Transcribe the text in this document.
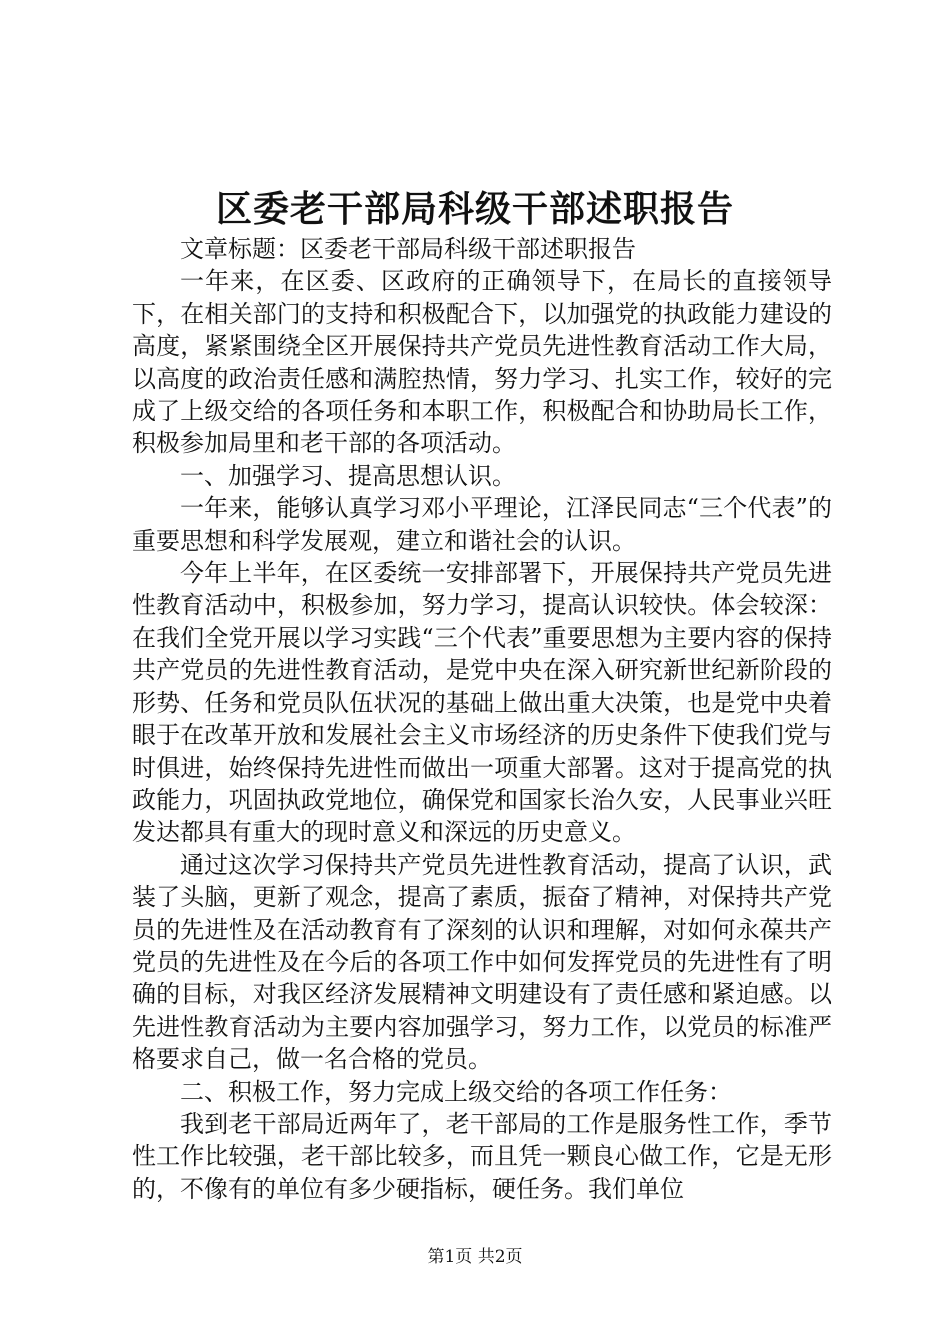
区委老干部局科级干部述职报告

文章标题：区委老干部局科级干部述职报告

一年来，在区委、区政府的正确领导下，在局长的直接领导下，在相关部门的支持和积极配合下，以加强党的执政能力建设的高度，紧紧围绕全区开展保持共产党员先进性教育活动工作大局，以高度的政治责任感和满腔热情，努力学习、扎实工作，较好的完成了上级交给的各项任务和本职工作，积极配合和协助局长工作，积极参加局里和老干部的各项活动。

一、加强学习、提高思想认识。

一年来，能够认真学习邓小平理论，江泽民同志“三个代表”的重要思想和科学发展观，建立和谐社会的认识。

今年上半年，在区委统一安排部署下，开展保持共产党员先进性教育活动中，积极参加，努力学习，提高认识较快。体会较深：在我们全党开展以学习实践“三个代表”重要思想为主要内容的保持共产党员的先进性教育活动，是党中央在深入研究新世纪新阶段的形势、任务和党员队伍状况的基础上做出重大决策，也是党中央着眼于在改革开放和发展社会主义市场经济的历史条件下使我们党与时俱进，始终保持先进性而做出一项重大部署。这对于提高党的执政能力，巩固执政党地位，确保党和国家长治久安，人民事业兴旺发达都具有重大的现时意义和深远的历史意义。

通过这次学习保持共产党员先进性教育活动，提高了认识，武装了头脑，更新了观念，提高了素质，振奋了精神，对保持共产党员的先进性及在活动教育有了深刻的认识和理解，对如何永葆共产党员的先进性及在今后的各项工作中如何发挥党员的先进性有了明确的目标，对我区经济发展精神文明建设有了责任感和紧迫感。以先进性教育活动为主要内容加强学习，努力工作，以党员的标准严格要求自己，做一名合格的党员。

二、积极工作，努力完成上级交给的各项工作任务：

我到老干部局近两年了，老干部局的工作是服务性工作，季节性工作比较强，老干部比较多，而且凭一颗良心做工作，它是无形的，不像有的单位有多少硬指标，硬任务。我们单位

第1页 共2页
